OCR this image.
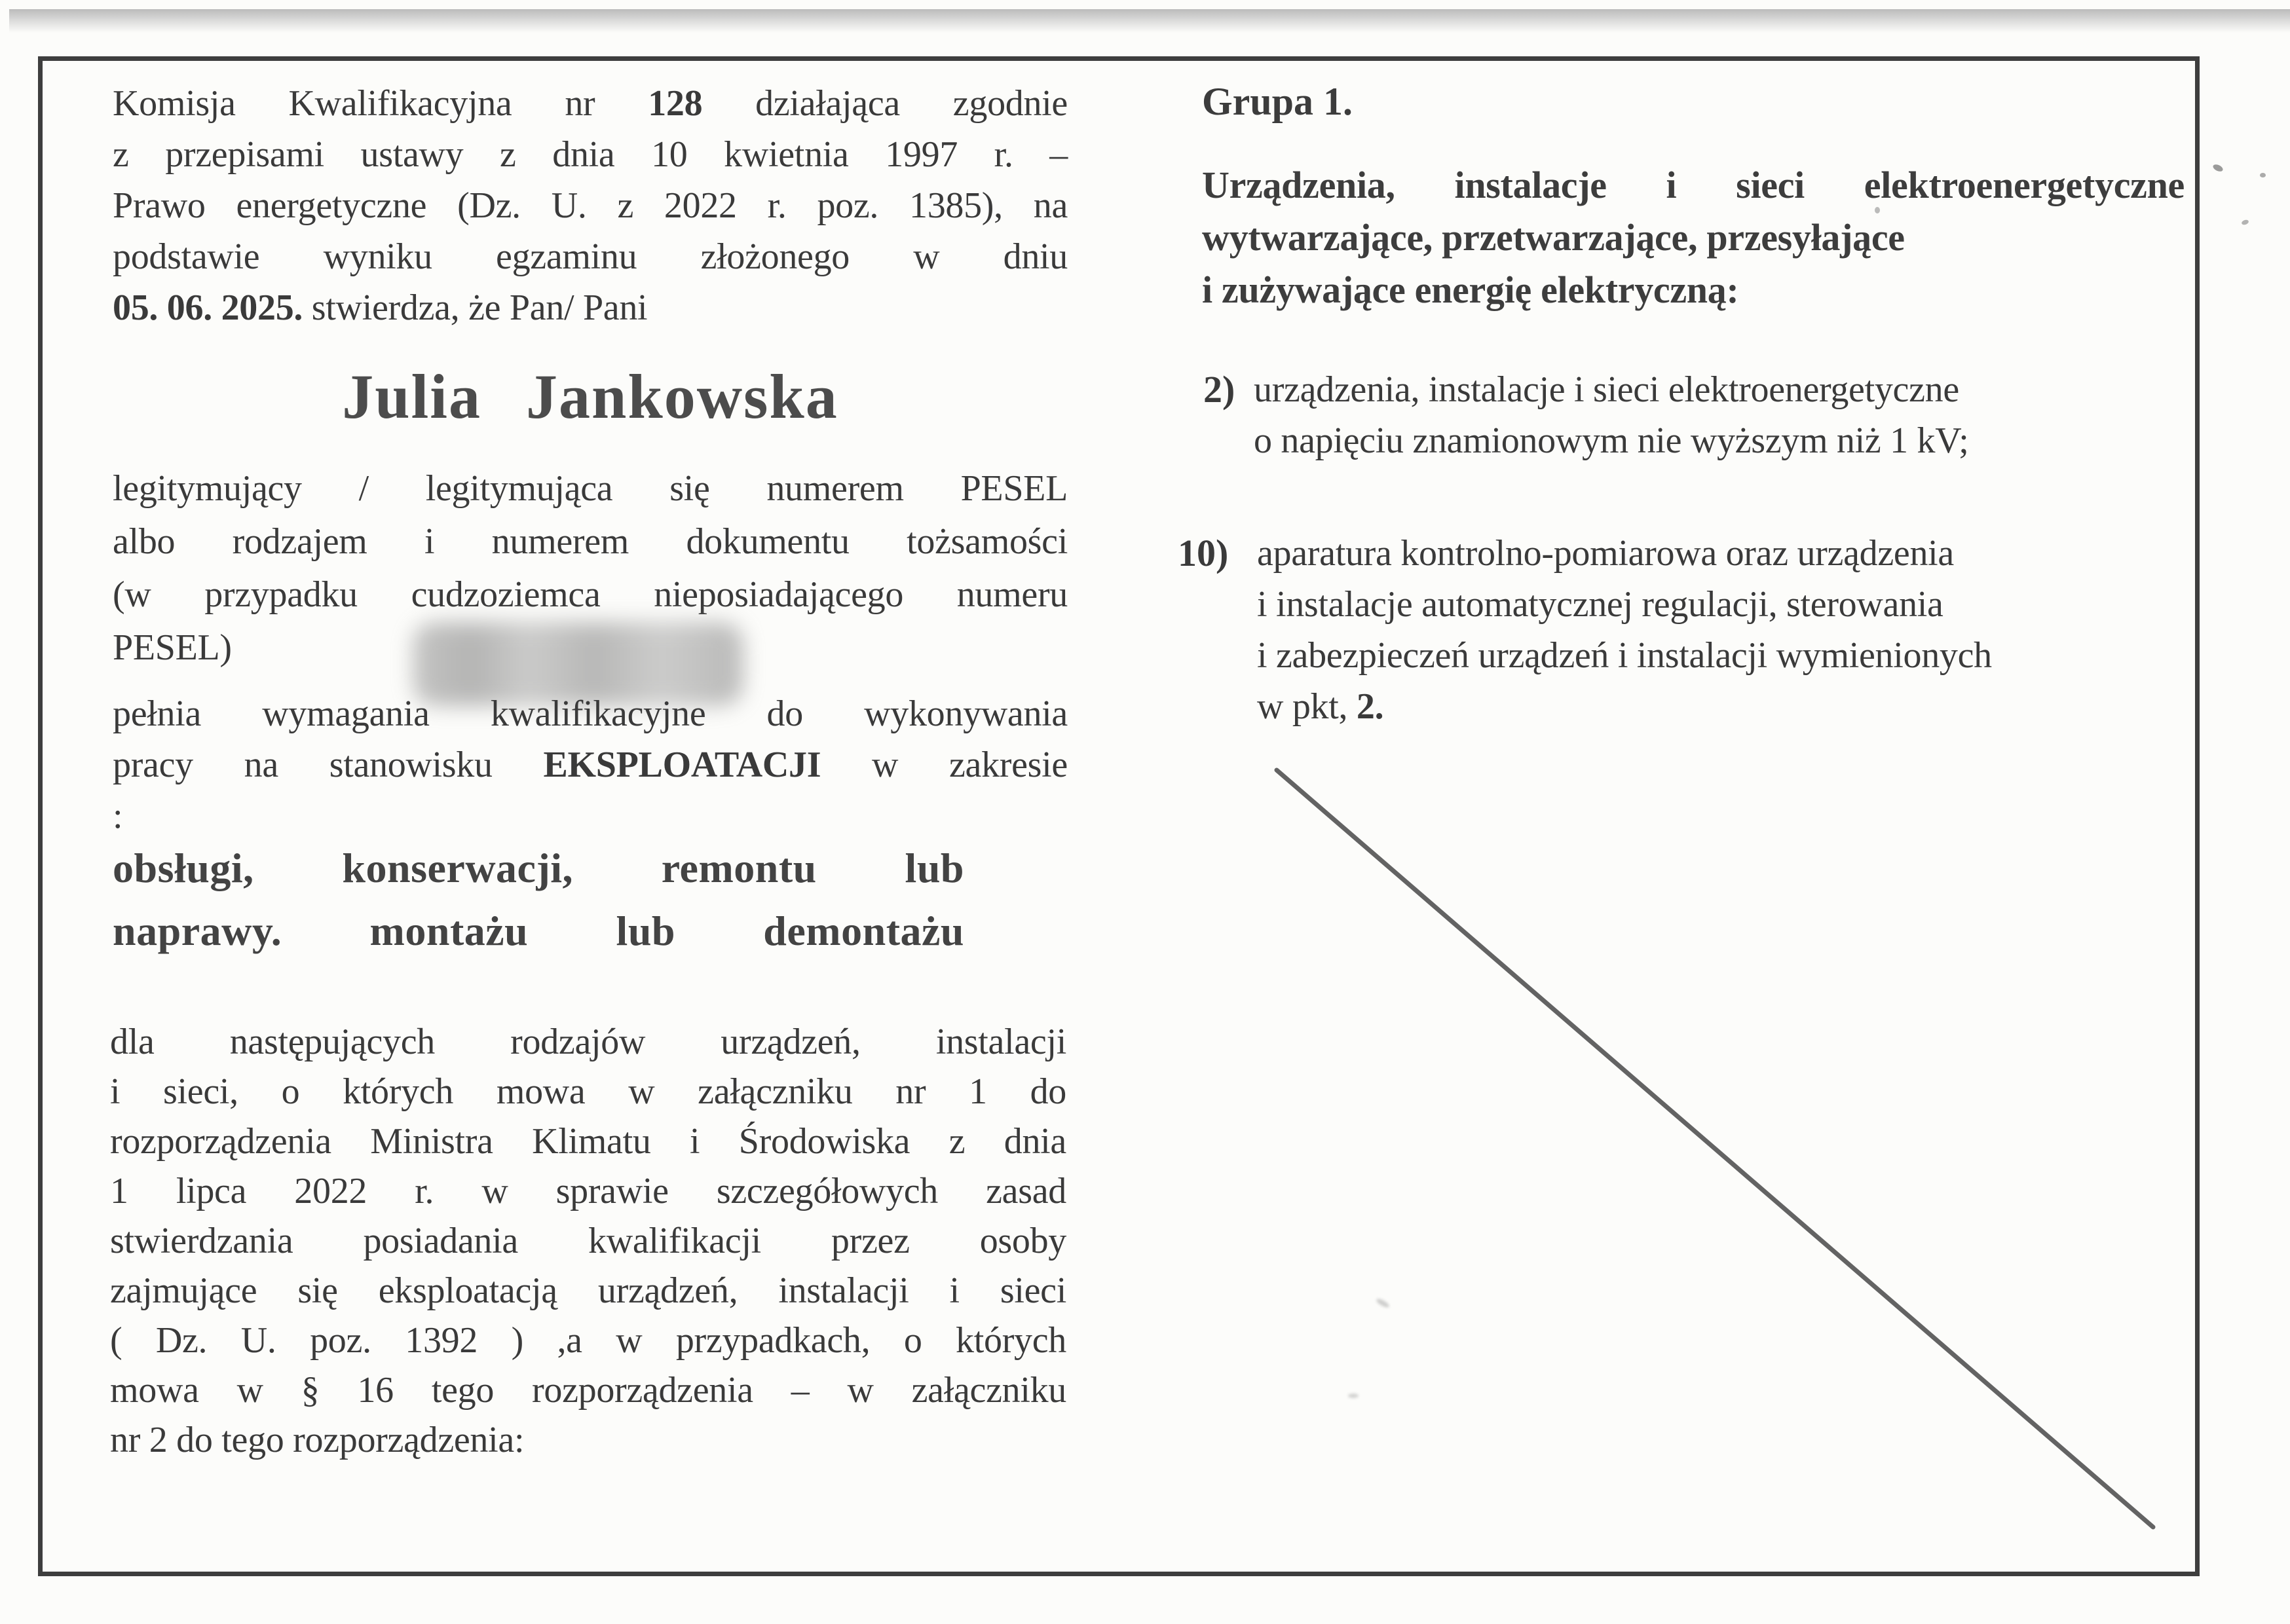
Komisja Kwalifikacyjna nr 128 działająca zgodnie
z przepisami ustawy z dnia 10 kwietnia 1997 r. –
Prawo energetyczne (Dz. U. z 2022 r. poz. 1385), na
podstawie wyniku egzaminu złożonego w dniu
05. 06. 2025. stwierdza, że Pan/ Pani
Julia Jankowska
legitymujący / legitymująca się numerem PESEL
albo rodzajem i numerem dokumentu tożsamości
(w przypadku cudzoziemca nieposiadającego numeru
PESEL)
pełnia wymagania kwalifikacyjne do wykonywania
pracy na stanowisku EKSPLOATACJI w zakresie
:
obsługi, konserwacji, remontu lub
naprawy. montażu lub demontażu
dla następujących rodzajów urządzeń, instalacji
i sieci, o których mowa w załączniku nr 1 do
rozporządzenia Ministra Klimatu i Środowiska z dnia
1 lipca 2022 r. w sprawie szczegółowych zasad
stwierdzania posiadania kwalifikacji przez osoby
zajmujące się eksploatacją urządzeń, instalacji i sieci
( Dz. U. poz. 1392 ) ,a w przypadkach, o których
mowa w § 16 tego rozporządzenia – w załączniku
nr 2 do tego rozporządzenia:
Grupa 1.
Urządzenia, instalacje i sieci elektroenergetyczne
wytwarzające, przetwarzające, przesyłające
i zużywające energię elektryczną:
2) urządzenia, instalacje i sieci elektroenergetyczne
o napięciu znamionowym nie wyższym niż 1 kV;
10) aparatura kontrolno-pomiarowa oraz urządzenia
i instalacje automatycznej regulacji, sterowania
i zabezpieczeń urządzeń i instalacji wymienionych
w pkt, 2.
